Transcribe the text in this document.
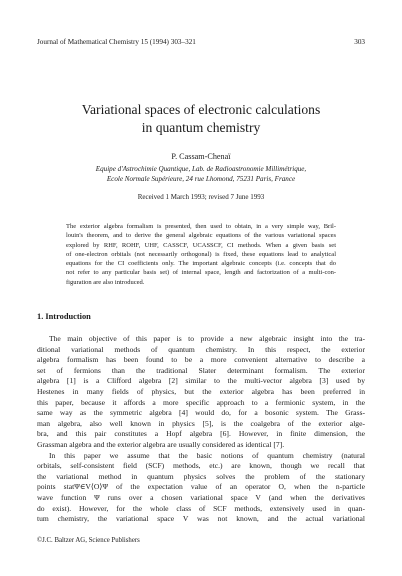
Journal of Mathematical Chemistry 15 (1994) 303–321	303
Variational spaces of electronic calculations
in quantum chemistry
P. Cassam-Chenaï
Equipe d'Astrochimie Quantique, Lab. de Radioastronomie Millimétrique,
Ecole Normale Supérieure, 24 rue Lhomond, 75231 Paris, France
Received 1 March 1993; revised 7 June 1993
The exterior algebra formalism is presented, then used to obtain, in a very simple way, Bril-
louin's theorem, and to derive the general algebraic equations of the various variational spaces
explored by RHF, ROHF, UHF, CASSCF, UCASSCF, CI methods. When a given basis set
of one-electron orbitals (not necessarily orthogonal) is fixed, these equations lead to analytical
equations for the CI coefficients only. The important algebraic concepts (i.e. concepts that do
not refer to any particular basis set) of internal space, length and factorization of a multi-con-
figuration are also introduced.
1. Introduction
The main objective of this paper is to provide a new algebraic insight into the tra-
ditional variational methods of quantum chemistry. In this respect, the exterior
algebra formalism has been found to be a more convenient alternative to describe a
set of fermions than the traditional Slater determinant formalism. The exterior
algebra [1] is a Clifford algebra [2] similar to the multi-vector algebra [3] used by
Hestenes in many fields of physics, but the exterior algebra has been preferred in
this paper, because it affords a more specific approach to a fermionic system, in the
same way as the symmetric algebra [4] would do, for a bosonic system. The Grass-
man algebra, also well known in physics [5], is the coalgebra of the exterior alge-
bra, and this pair constitutes a Hopf algebra [6]. However, in finite dimension, the
Grassman algebra and the exterior algebra are usually considered as identical [7].
In this paper we assume that the basic notions of quantum chemistry (natural
orbitals, self-consistent field (SCF) methods, etc.) are known, though we recall that
the variational method in quantum physics solves the problem of the stationary
points statΨ∈V⟨O⟩Ψ of the expectation value of an operator O, when the n-particle
wave function Ψ runs over a chosen variational space V (and when the derivatives
do exist). However, for the whole class of SCF methods, extensively used in quan-
tum chemistry, the variational space V was not known, and the actual variational
©J.C. Baltzer AG, Science Publishers
